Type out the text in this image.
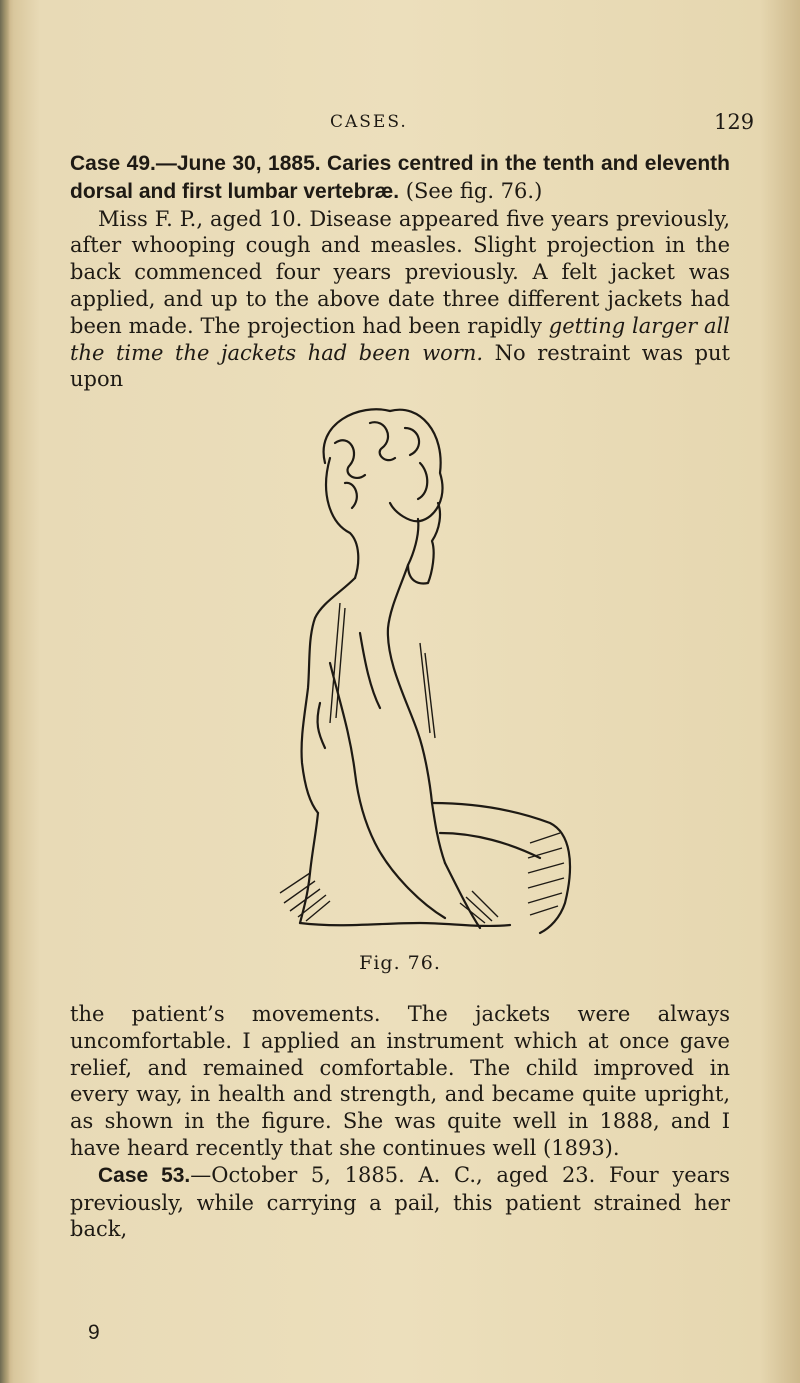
CASES.	129

Case 49.—June 30, 1885. Caries centred in the tenth and eleventh dorsal and first lumbar vertebræ. (See fig. 76.)

Miss F. P., aged 10. Disease appeared five years previously, after whooping cough and measles. Slight projection in the back commenced four years previously. A felt jacket was applied, and up to the above date three different jackets had been made. The projection had been rapidly getting larger all the time the jackets had been worn. No restraint was put upon

Fig. 76.

the patient’s movements. The jackets were always uncomfortable. I applied an instrument which at once gave relief, and remained comfortable. The child improved in every way, in health and strength, and became quite upright, as shown in the figure. She was quite well in 1888, and I have heard recently that she continues well (1893).

Case 53.—October 5, 1885. A. C., aged 23. Four years previously, while carrying a pail, this patient strained her back,

9
